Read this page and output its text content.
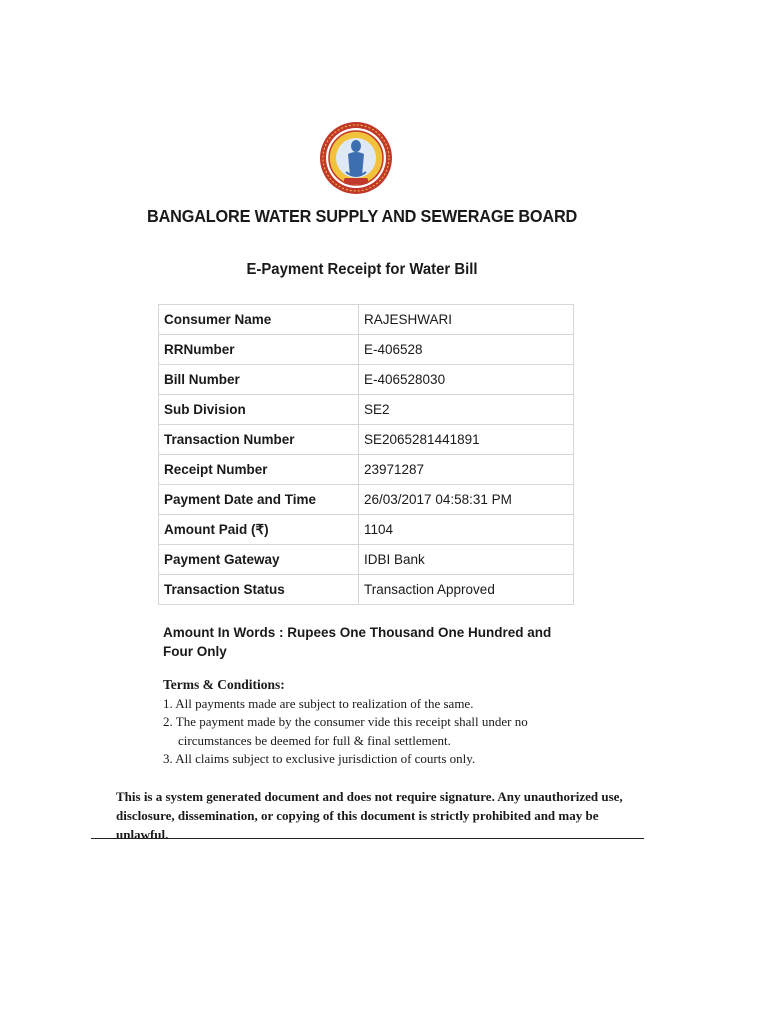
BANGALORE WATER SUPPLY AND SEWERAGE BOARD
E-Payment Receipt for Water Bill
Consumer Name	RAJESHWARI
RRNumber	E-406528
Bill Number	E-406528030
Sub Division	SE2
Transaction Number	SE2065281441891
Receipt Number	23971287
Payment Date and Time	26/03/2017 04:58:31 PM
Amount Paid (₹)	1104
Payment Gateway	IDBI Bank
Transaction Status	Transaction Approved
Amount In Words : Rupees One Thousand One Hundred and Four Only
Terms & Conditions:
1. All payments made are subject to realization of the same.
2. The payment made by the consumer vide this receipt shall under no
circumstances be deemed for full & final settlement.
3. All claims subject to exclusive jurisdiction of courts only.
This is a system generated document and does not require signature. Any unauthorized use,
disclosure, dissemination, or copying of this document is strictly prohibited and may be unlawful.
